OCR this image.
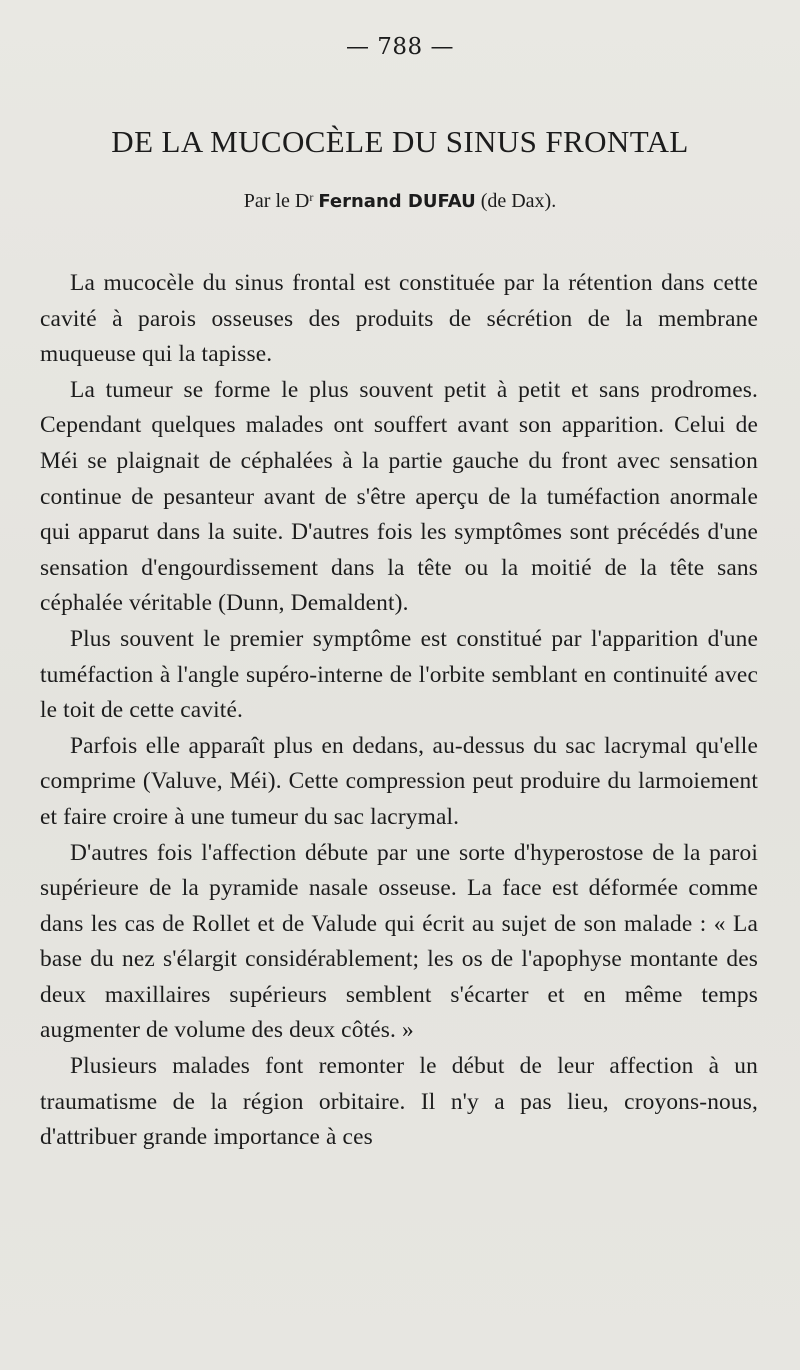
— 788 —
DE LA MUCOCÈLE DU SINUS FRONTAL
Par le $D^r$ Fernand DUFAU (de Dax).

La mucocèle du sinus frontal est constituée par la rétention dans cette cavité à parois osseuses des produits de sécrétion de la membrane muqueuse qui la tapisse.

La tumeur se forme le plus souvent petit à petit et sans prodromes. Cependant quelques malades ont souffert avant son apparition. Celui de Méi se plaignait de céphalées à la partie gauche du front avec sensation continue de pesanteur avant de s'être aperçu de la tuméfaction anormale qui apparut dans la suite. D'autres fois les symptômes sont précédés d'une sensation d'engourdissement dans la tête ou la moitié de la tête sans céphalée véritable (Dunn, Demaldent).

Plus souvent le premier symptôme est constitué par l'apparition d'une tuméfaction à l'angle supéro-interne de l'orbite semblant en continuité avec le toit de cette cavité.

Parfois elle apparaît plus en dedans, au-dessus du sac lacrymal qu'elle comprime (Valuve, Méi). Cette compression peut produire du larmoiement et faire croire à une tumeur du sac lacrymal.

D'autres fois l'affection débute par une sorte d'hyperostose de la paroi supérieure de la pyramide nasale osseuse. La face est déformée comme dans les cas de Rollet et de Valude qui écrit au sujet de son malade : « La base du nez s'élargit considérablement; les os de l'apophyse montante des deux maxillaires supérieurs semblent s'écarter et en même temps augmenter de volume des deux côtés. »

Plusieurs malades font remonter le début de leur affection à un traumatisme de la région orbitaire. Il n'y a pas lieu, croyons-nous, d'attribuer grande importance à ces
